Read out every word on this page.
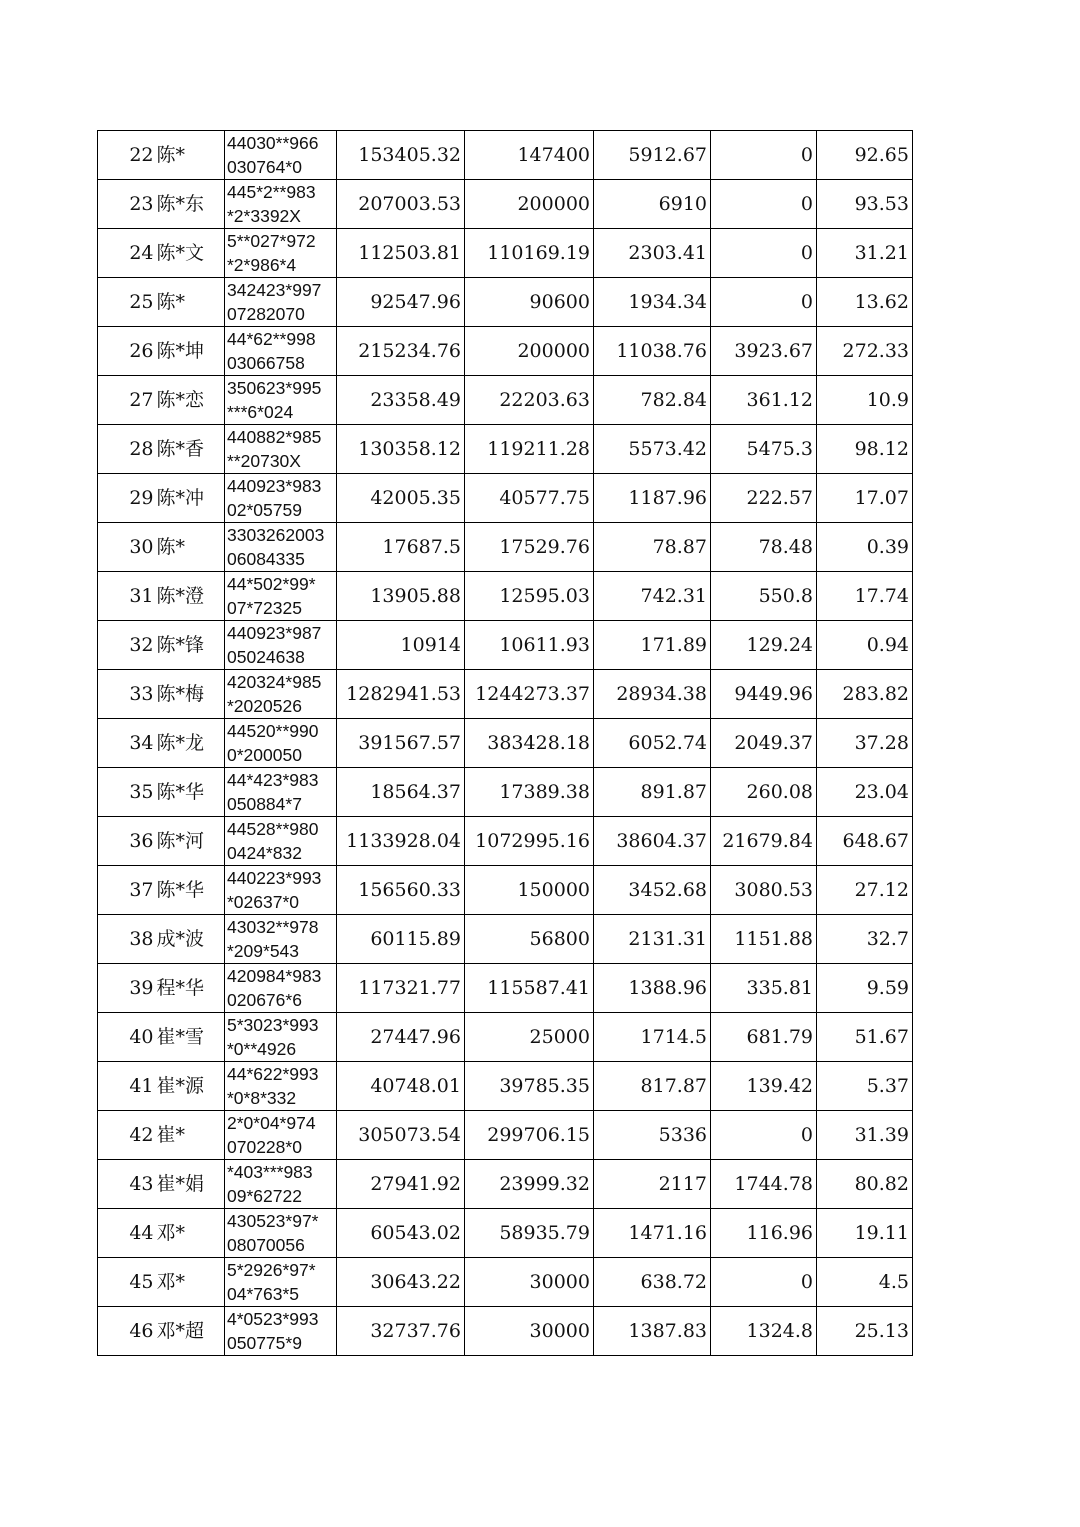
22	陈*	44030**966
030764*0	153405.32	147400	5912.67	0	92.65
23	陈*东	445*2**983
*2*3392X	207003.53	200000	6910	0	93.53
24	陈*文	5**027*972
*2*986*4	112503.81	110169.19	2303.41	0	31.21
25	陈*	342423*997
07282070	92547.96	90600	1934.34	0	13.62
26	陈*坤	44*62**998
03066758	215234.76	200000	11038.76	3923.67	272.33
27	陈*恋	350623*995
***6*024	23358.49	22203.63	782.84	361.12	10.9
28	陈*香	440882*985
**20730X	130358.12	119211.28	5573.42	5475.3	98.12
29	陈*冲	440923*983
02*05759	42005.35	40577.75	1187.96	222.57	17.07
30	陈*	3303262003
06084335	17687.5	17529.76	78.87	78.48	0.39
31	陈*澄	44*502*99*
07*72325	13905.88	12595.03	742.31	550.8	17.74
32	陈*锋	440923*987
05024638	10914	10611.93	171.89	129.24	0.94
33	陈*梅	420324*985
*2020526	1282941.53	1244273.37	28934.38	9449.96	283.82
34	陈*龙	44520**990
0*200050	391567.57	383428.18	6052.74	2049.37	37.28
35	陈*华	44*423*983
050884*7	18564.37	17389.38	891.87	260.08	23.04
36	陈*河	44528**980
0424*832	1133928.04	1072995.16	38604.37	21679.84	648.67
37	陈*华	440223*993
*02637*0	156560.33	150000	3452.68	3080.53	27.12
38	成*波	43032**978
*209*543	60115.89	56800	2131.31	1151.88	32.7
39	程*华	420984*983
020676*6	117321.77	115587.41	1388.96	335.81	9.59
40	崔*雪	5*3023*993
*0**4926	27447.96	25000	1714.5	681.79	51.67
41	崔*源	44*622*993
*0*8*332	40748.01	39785.35	817.87	139.42	5.37
42	崔*	2*0*04*974
070228*0	305073.54	299706.15	5336	0	31.39
43	崔*娟	*403***983
09*62722	27941.92	23999.32	2117	1744.78	80.82
44	邓*	430523*97*
08070056	60543.02	58935.79	1471.16	116.96	19.11
45	邓*	5*2926*97*
04*763*5	30643.22	30000	638.72	0	4.5
46	邓*超	4*0523*993
050775*9	32737.76	30000	1387.83	1324.8	25.13
